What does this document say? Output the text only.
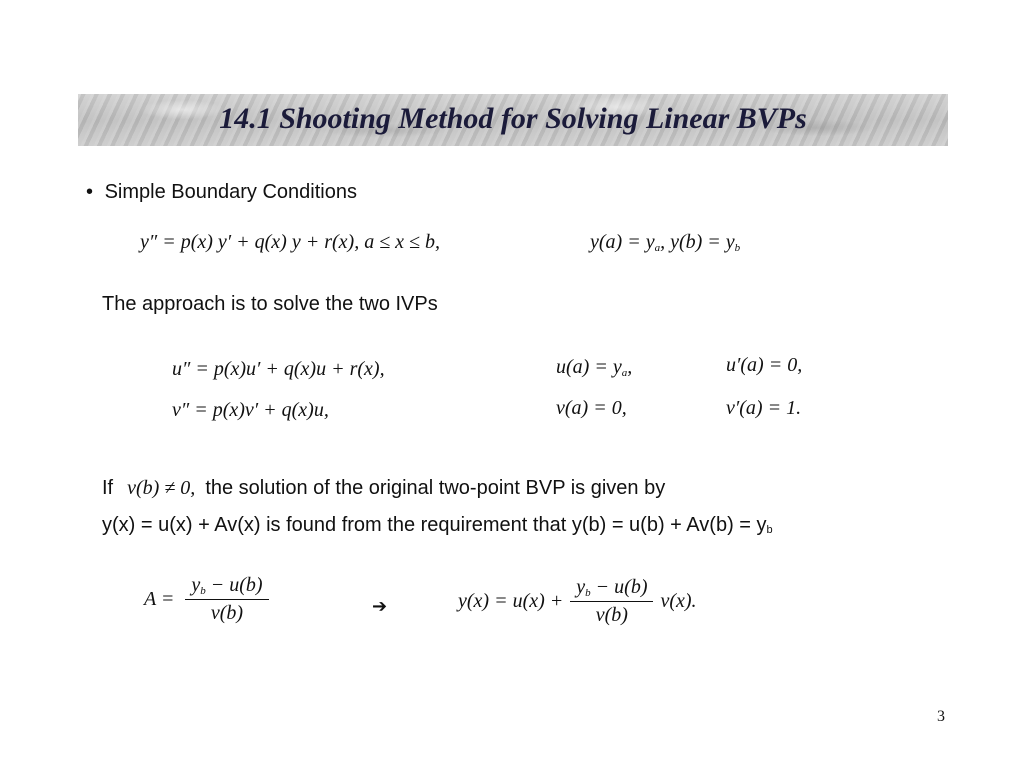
14.1 Shooting Method for Solving Linear BVPs
• Simple Boundary Conditions
y″ = p(x) y′ + q(x) y + r(x), a ≤ x ≤ b,	$y(a) = y_a$, $y(b) = y_b$
The approach is to solve the two IVPs
u″ = p(x)u′ + q(x)u + r(x),	$u(a) = y_a$,	u′(a) = 0,
v″ = p(x)v′ + q(x)u,	v(a) = 0,	v′(a) = 1.
If v(b) ≠ 0, the solution of the original two-point BVP is given by
y(x) = u(x) + Av(x) is found from the requirement that $y(b) = u(b) + Av(b) = y_b$
$A = \frac{y_b - u(b)}{v(b)}$	➔	$y(x) = u(x) + \frac{y_b - u(b)}{v(b)} v(x)$.
3
